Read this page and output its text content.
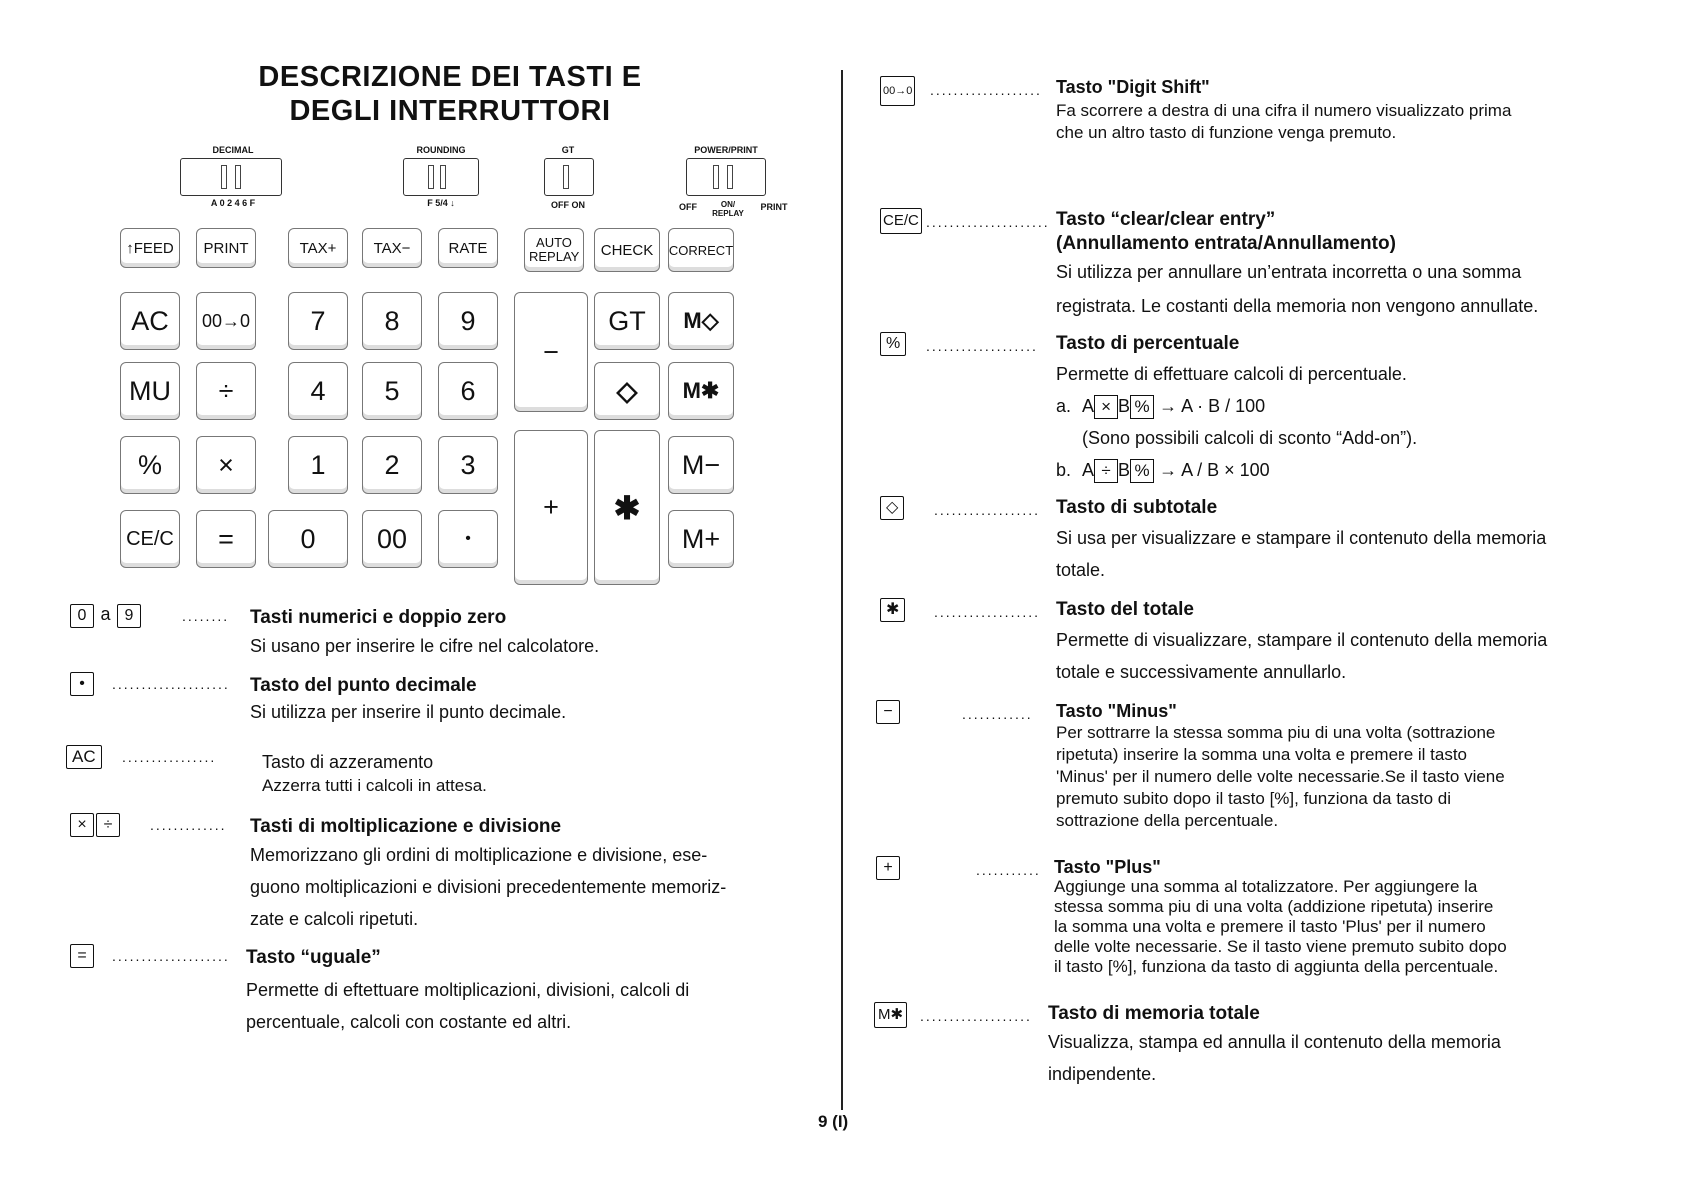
DESCRIZIONE DEI TASTI E
DEGLI INTERRUTTORI
DECIMAL
A 0 2 4 6 F
ROUNDING
F 5/4 ↓
GT
OFF ON
POWER/PRINT
OFF	ON/ REPLAY
PRINT
↑FEED PRINT	TAX+ TAX−	RATE	AUTO REPLAY CHECK CORRECT
AC 00→0 7 8 9
−
GT M◇
MU ÷	4 5 6	◇ M✱
% ×	1 2 3
+ ✱
M−
CE/C = 0 00	•	M+
0 a 9	........ Tasti numerici e doppio zero
Si usano per inserire le cifre nel calcolatore.
• .................... Tasto del punto decimale
Si utilizza per inserire il punto decimale.
AC ................	Tasto di azzeramento
Azzerra tutti i calcoli in attesa.
× ÷	............. Tasti di moltiplicazione e divisione
Memorizzano gli ordini di moltiplicazione e divisione, ese-
guono moltiplicazioni e divisioni precedentemente memoriz-
zate e calcoli ripetuti.
= .................... Tasto “uguale”
Permette di eftettuare moltiplicazioni, divisioni, calcoli di
percentuale, calcoli con costante ed altri.
00→0 ................... Tasto "Digit Shift"
Fa scorrere a destra di una cifra il numero visualizzato prima
che un altro tasto di funzione venga premuto.
CE/C ..................... Tasto “clear/clear entry”
(Annullamento entrata/Annullamento)
Si utilizza per annullare un’entrata incorretta o una somma
registrata. Le costanti della memoria non vengono annullate.
% ................... Tasto di percentuale
Permette di effettuare calcoli di percentuale.
a. A × B % → A · B / 100
(Sono possibili calcoli di sconto “Add-on”).
b. A ÷ B % → A / B × 100
◇	.................. Tasto di subtotale
Si usa per visualizzare e stampare il contenuto della memoria
totale.
✱ .................. Tasto del totale
Permette di visualizzare, stampare il contenuto della memoria
totale e successivamente annullarlo.
−	............ Tasto "Minus"
Per sottrarre la stessa somma piu di una volta (sottrazione
ripetuta) inserire la somma una volta e premere il tasto
'Minus' per il numero delle volte necessarie.Se il tasto viene
premuto subito dopo il tasto [%], funziona da tasto di
sottrazione della percentuale.
+	........... Tasto "Plus"
Aggiunge una somma al totalizzatore. Per aggiungere la
stessa somma piu di una volta (addizione ripetuta) inserire
la somma una volta e premere il tasto 'Plus' per il numero
delle volte necessarie. Se il tasto viene premuto subito dopo
il tasto [%], funziona da tasto di aggiunta della percentuale.
M✱ ................... Tasto di memoria totale
Visualizza, stampa ed annulla il contenuto della memoria
indipendente.
9 (I)
